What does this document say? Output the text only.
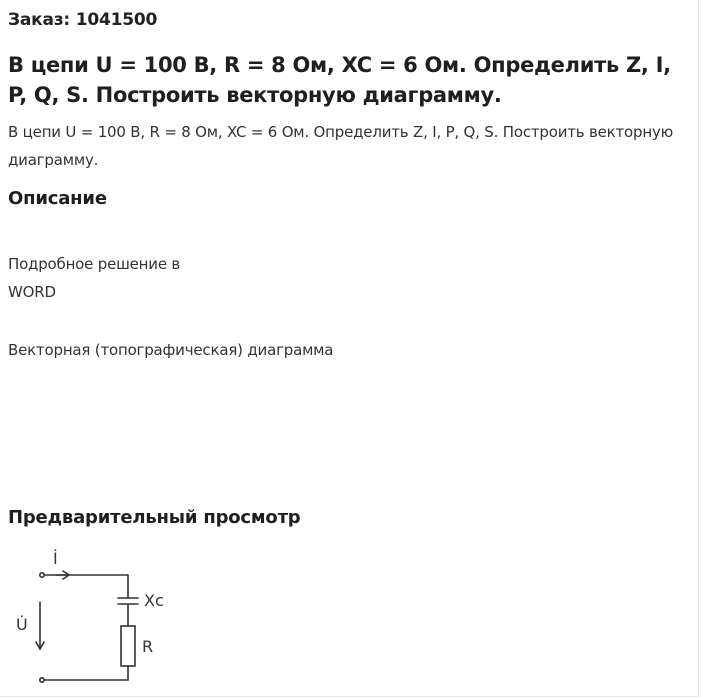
Заказ: 1041500
В цепи U = 100 В, R = 8 Ом, XC = 6 Ом. Определить Z, I, P, Q, S. Построить векторную диаграмму.
В цепи U = 100 В, R = 8 Ом, XC = 6 Ом. Определить Z, I, P, Q, S. Построить векторную диаграмму.
Описание
Подробное решение в
WORD
Векторная (топографическая) диаграмма
Предварительный просмотр
İ
U̇
Xc
R
